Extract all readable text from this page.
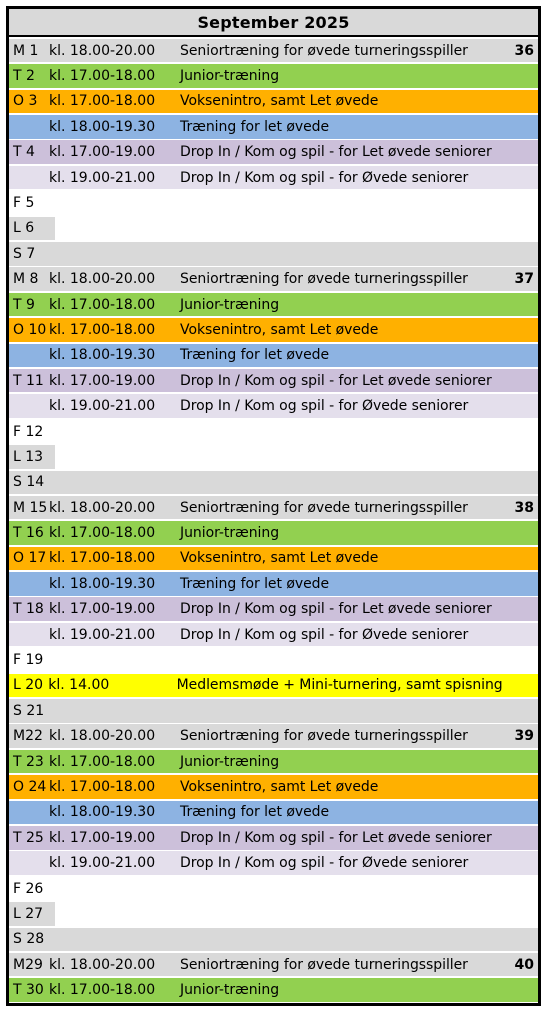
September 2025
M 1 kl. 18.00-20.00	Seniortræning for øvede turneringsspiller	36
T 2	kl. 17.00-18.00	Junior-træning
O 3 kl. 17.00-18.00	Voksenintro, samt Let øvede
kl. 18.00-19.30	Træning for let øvede
T 4	kl. 17.00-19.00	Drop In / Kom og spil - for Let øvede seniorer
kl. 19.00-21.00	Drop In / Kom og spil - for Øvede seniorer
F 5
L 6
S 7
M 8 kl. 18.00-20.00	Seniortræning for øvede turneringsspiller	37
T 9	kl. 17.00-18.00	Junior-træning
O 10 kl. 17.00-18.00	Voksenintro, samt Let øvede
kl. 18.00-19.30	Træning for let øvede
T 11 kl. 17.00-19.00	Drop In / Kom og spil - for Let øvede seniorer
kl. 19.00-21.00	Drop In / Kom og spil - for Øvede seniorer
F 12
L 13
S 14
M 15 kl. 18.00-20.00	Seniortræning for øvede turneringsspiller	38
T 16 kl. 17.00-18.00	Junior-træning
O 17 kl. 17.00-18.00	Voksenintro, samt Let øvede
kl. 18.00-19.30	Træning for let øvede
T 18 kl. 17.00-19.00	Drop In / Kom og spil - for Let øvede seniorer
kl. 19.00-21.00	Drop In / Kom og spil - for Øvede seniorer
F 19
L 20 kl. 14.00	Medlemsmøde + Mini-turnering, samt spisning
S 21
M22 kl. 18.00-20.00	Seniortræning for øvede turneringsspiller	39
T 23 kl. 17.00-18.00	Junior-træning
O 24 kl. 17.00-18.00	Voksenintro, samt Let øvede
kl. 18.00-19.30	Træning for let øvede
T 25 kl. 17.00-19.00	Drop In / Kom og spil - for Let øvede seniorer
kl. 19.00-21.00	Drop In / Kom og spil - for Øvede seniorer
F 26
L 27
S 28
M29 kl. 18.00-20.00	Seniortræning for øvede turneringsspiller	40
T 30 kl. 17.00-18.00	Junior-træning
